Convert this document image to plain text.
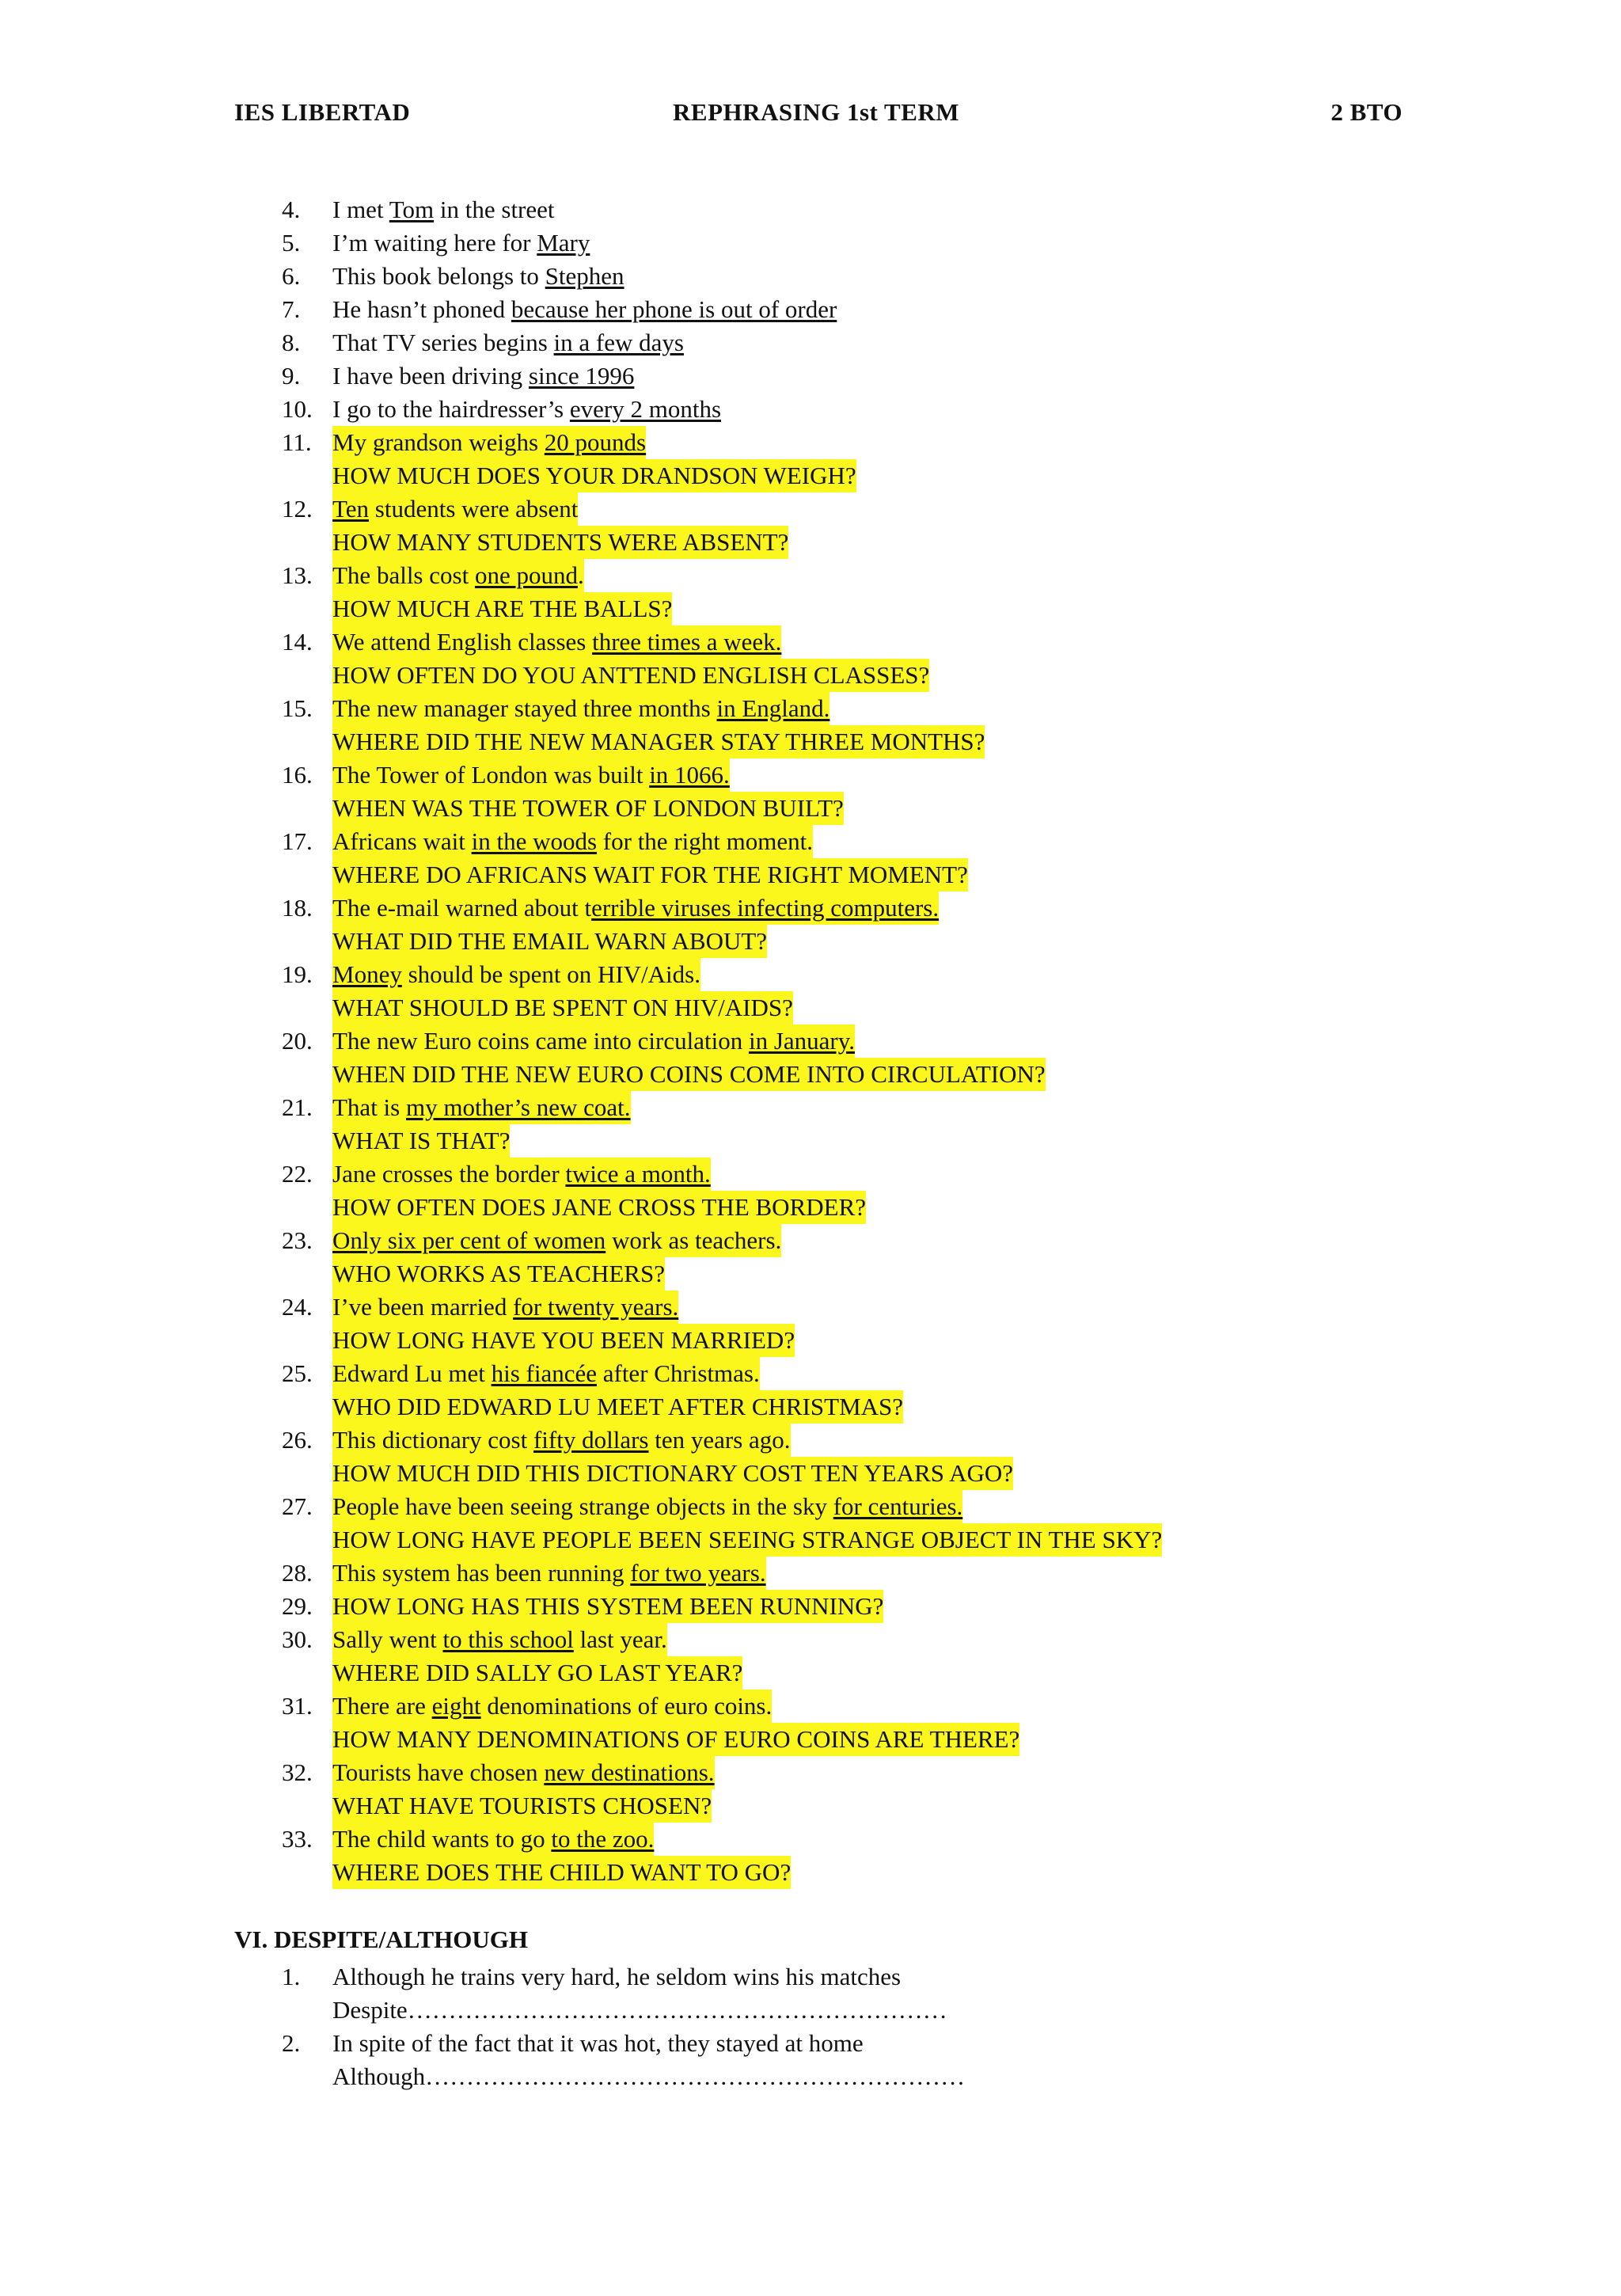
IES LIBERTAD	REPHRASING 1st TERM	2 BTO
4.	I met Tom in the street
5.	I’m waiting here for Mary
6.	This book belongs to Stephen
7.	He hasn’t phoned because her phone is out of order
8.	That TV series begins in a few days
9.	I have been driving since 1996
10. I go to the hairdresser’s every 2 months
11. My grandson weighs 20 pounds
HOW MUCH DOES YOUR DRANDSON WEIGH?
12. Ten students were absent
HOW MANY STUDENTS WERE ABSENT?
13. The balls cost one pound.
HOW MUCH ARE THE BALLS?
14. We attend English classes three times a week.
HOW OFTEN DO YOU ANTTEND ENGLISH CLASSES?
15. The new manager stayed three months in England.
WHERE DID THE NEW MANAGER STAY THREE MONTHS?
16. The Tower of London was built in 1066.
WHEN WAS THE TOWER OF LONDON BUILT?
17. Africans wait in the woods for the right moment.
WHERE DO AFRICANS WAIT FOR THE RIGHT MOMENT?
18. The e-mail warned about terrible viruses infecting computers.
WHAT DID THE EMAIL WARN ABOUT?
19. Money should be spent on HIV/Aids.
WHAT SHOULD BE SPENT ON HIV/AIDS?
20. The new Euro coins came into circulation in January.
WHEN DID THE NEW EURO COINS COME INTO CIRCULATION?
21. That is my mother’s new coat.
WHAT IS THAT?
22. Jane crosses the border twice a month.
HOW OFTEN DOES JANE CROSS THE BORDER?
23. Only six per cent of women work as teachers.
WHO WORKS AS TEACHERS?
24. I’ve been married for twenty years.
HOW LONG HAVE YOU BEEN MARRIED?
25. Edward Lu met his fiancée after Christmas.
WHO DID EDWARD LU MEET AFTER CHRISTMAS?
26. This dictionary cost fifty dollars ten years ago.
HOW MUCH DID THIS DICTIONARY COST TEN YEARS AGO?
27. People have been seeing strange objects in the sky for centuries.
HOW LONG HAVE PEOPLE BEEN SEEING STRANGE OBJECT IN THE SKY?
28. This system has been running for two years.
29. HOW LONG HAS THIS SYSTEM BEEN RUNNING?
30. Sally went to this school last year.
WHERE DID SALLY GO LAST YEAR?
31. There are eight denominations of euro coins.
HOW MANY DENOMINATIONS OF EURO COINS ARE THERE?
32. Tourists have chosen new destinations.
WHAT HAVE TOURISTS CHOSEN?
33. The child wants to go to the zoo.
WHERE DOES THE CHILD WANT TO GO?
VI. DESPITE/ALTHOUGH
1.	Although he trains very hard, he seldom wins his matches
Despite…………………………………………………………
2.	In spite of the fact that it was hot, they stayed at home
Although…………………………………………………………
